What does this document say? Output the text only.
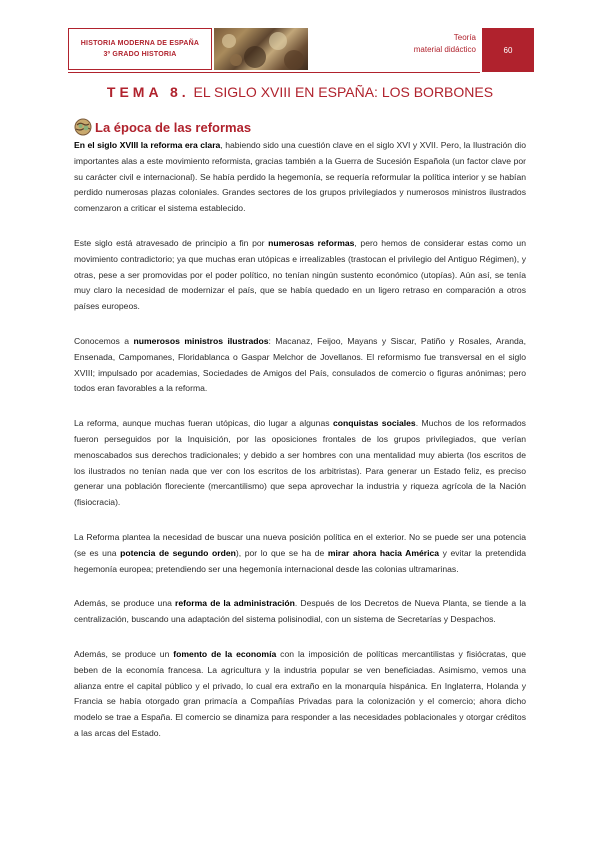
HISTORIA MODERNA DE ESPAÑA
3º GRADO HISTORIA
Teoría
material didáctico	60
TEMA 8. EL SIGLO XVIII EN ESPAÑA: LOS BORBONES
La época de las reformas

En el siglo XVIII la reforma era clara, habiendo sido una cuestión clave en el siglo XVI y XVII. Pero, la Ilustración dio importantes alas a este movimiento reformista, gracias también a la Guerra de Sucesión Española (un factor clave por su carácter civil e internacional). Se había perdido la hegemonía, se requería reformular la política interior y se habían perdido numerosas plazas coloniales. Grandes sectores de los grupos privilegiados y numerosos ministros ilustrados comenzaron a criticar el sistema establecido.

Este siglo está atravesado de principio a fin por numerosas reformas, pero hemos de considerar estas como un movimiento contradictorio; ya que muchas eran utópicas e irrealizables (trastocan el privilegio del Antiguo Régimen), y otras, pese a ser promovidas por el poder político, no tenían ningún sustento económico (utopías). Aún así, se tenía muy claro la necesidad de modernizar el país, que se había quedado en un ligero retraso en comparación a otros países europeos.

Conocemos a numerosos ministros ilustrados: Macanaz, Feijoo, Mayans y Siscar, Patiño y Rosales, Aranda, Ensenada, Campomanes, Floridablanca o Gaspar Melchor de Jovellanos. El reformismo fue transversal en el siglo XVIII; impulsado por academias, Sociedades de Amigos del País, consulados de comercio o figuras anónimas; pero todos eran favorables a la reforma.

La reforma, aunque muchas fueran utópicas, dio lugar a algunas conquistas sociales. Muchos de los reformados fueron perseguidos por la Inquisición, por las oposiciones frontales de los grupos privilegiados, que verían menoscabados sus derechos tradicionales; y debido a ser hombres con una mentalidad muy abierta (los escritos de los ilustrados no tenían nada que ver con los escritos de los arbitristas). Para generar un Estado feliz, es preciso generar una población floreciente (mercantilismo) que sepa aprovechar la industria y riqueza agrícola de la Nación (fisiocracia).

La Reforma plantea la necesidad de buscar una nueva posición política en el exterior. No se puede ser una potencia (se es una potencia de segundo orden), por lo que se ha de mirar ahora hacia América y evitar la pretendida hegemonía europea; pretendiendo ser una hegemonía internacional desde las colonias ultramarinas.

Además, se produce una reforma de la administración. Después de los Decretos de Nueva Planta, se tiende a la centralización, buscando una adaptación del sistema polisinodial, con un sistema de Secretarías y Despachos.

Además, se produce un fomento de la economía con la imposición de políticas mercantilistas y fisiócratas, que beben de la economía francesa. La agricultura y la industria popular se ven beneficiadas. Asimismo, vemos una alianza entre el capital público y el privado, lo cual era extraño en la monarquía hispánica. En Inglaterra, Holanda y Francia se había otorgado gran primacía a Compañías Privadas para la colonización y el comercio; ahora dicho modelo se trae a España. El comercio se dinamiza para responder a las necesidades poblacionales y otorgar créditos a las arcas del Estado.
